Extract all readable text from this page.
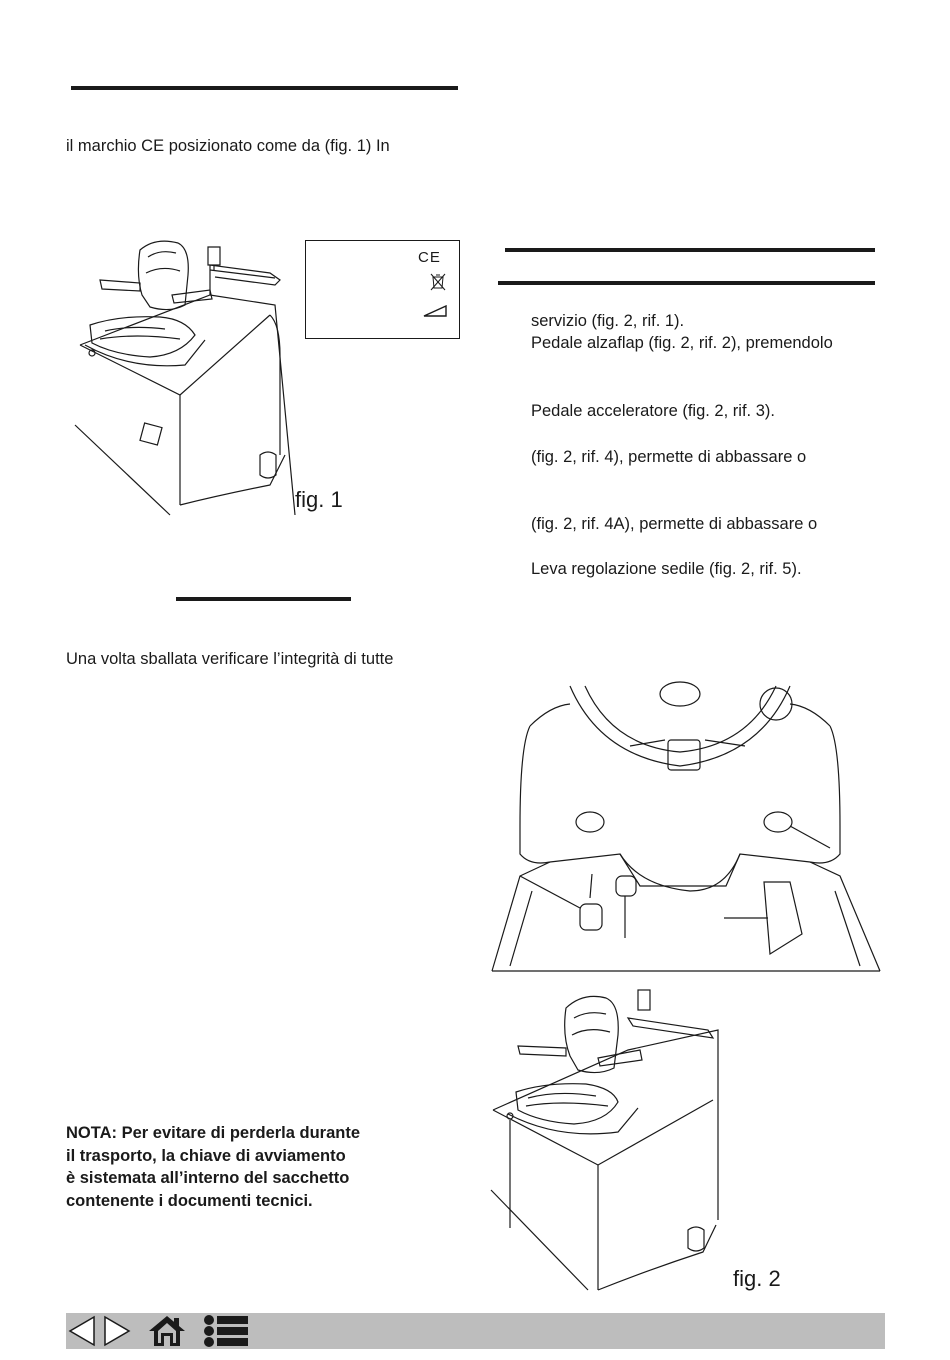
il marchio CE posizionato come da (fig. 1) In
Una volta sballata verificare l’integrità di tutte
NOTA: Per evitare di perderla durante
il trasporto, la chiave di avviamento
è sistemata all’interno del sacchetto
contenente i documenti tecnici.
servizio (fig. 2, rif. 1).
Pedale alzaflap (fig. 2, rif. 2), premendolo
Pedale acceleratore (fig. 2, rif. 3).
(fig. 2, rif. 4), permette di abbassare o
(fig. 2, rif. 4A), permette di abbassare o
Leva regolazione sedile (fig. 2, rif. 5).
CE
fig. 1
fig. 2
